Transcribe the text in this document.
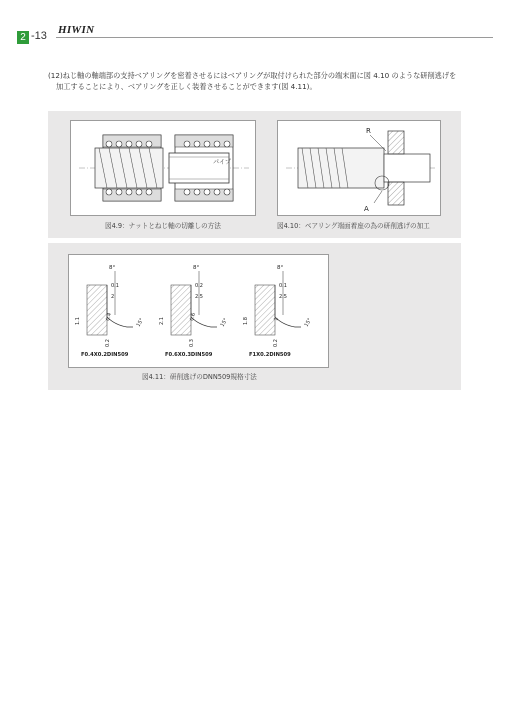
2 -13 HIWIN
(12)ねじ軸の軸端部の支持ベアリングを密着させるにはベアリングが取付けられた部分の端末面に図 4.10 のような研削逃げを
加工することにより、ベアリングを正しく装着させることができます(図 4.11)。
パイプ
図4.9：ナットとねじ軸の切離しの方法
R
A
図4.10：ベアリング端面着座の為の研削逃げの加工
8°
0.1
2
1.1	0.4
0.2
15°
F0.4X0.2DIN509
8°
0.2
2.5
2.1	0.6
0.3
15°
F0.6X0.3DIN509
8°
0.1
2.5
1.8	1
0.2
15°
F1X0.2DIN509
図4.11：研削逃げのDNN509規格寸法
